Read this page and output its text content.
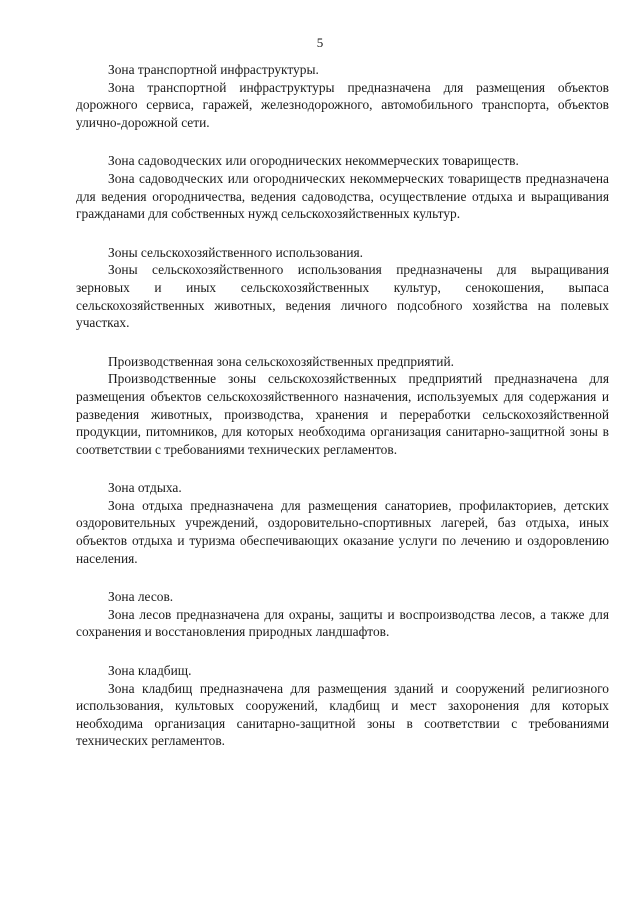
5

Зона транспортной инфраструктуры.

Зона транспортной инфраструктуры предназначена для размещения объектов дорожного сервиса, гаражей, железнодорожного, автомобильного транспорта, объектов улично-дорожной сети.

Зона садоводческих или огороднических некоммерческих товариществ.

Зона садоводческих или огороднических некоммерческих товариществ предназначена для ведения огородничества, ведения садоводства, осуществление отдыха и выращивания гражданами для собственных нужд сельскохозяйственных культур.

Зоны сельскохозяйственного использования.

Зоны сельскохозяйственного использования предназначены для выращивания зерновых и иных сельскохозяйственных культур, сенокошения, выпаса сельскохозяйственных животных, ведения личного подсобного хозяйства на полевых участках.

Производственная зона сельскохозяйственных предприятий.

Производственные зоны сельскохозяйственных предприятий предназначена для размещения объектов сельскохозяйственного назначения, используемых для содержания и разведения животных, производства, хранения и переработки сельскохозяйственной продукции, питомников, для которых необходима организация санитарно-защитной зоны в соответствии с требованиями технических регламентов.

Зона отдыха.

Зона отдыха предназначена для размещения санаториев, профилакториев, детских оздоровительных учреждений, оздоровительно-спортивных лагерей, баз отдыха, иных объектов отдыха и туризма обеспечивающих оказание услуги по лечению и оздоровлению населения.

Зона лесов.

Зона лесов предназначена для охраны, защиты и воспроизводства лесов, а также для сохранения и восстановления природных ландшафтов.

Зона кладбищ.

Зона кладбищ предназначена для размещения зданий и сооружений религиозного использования, культовых сооружений, кладбищ и мест захоронения для которых необходима организация санитарно-защитной зоны в соответствии с требованиями технических регламентов.
